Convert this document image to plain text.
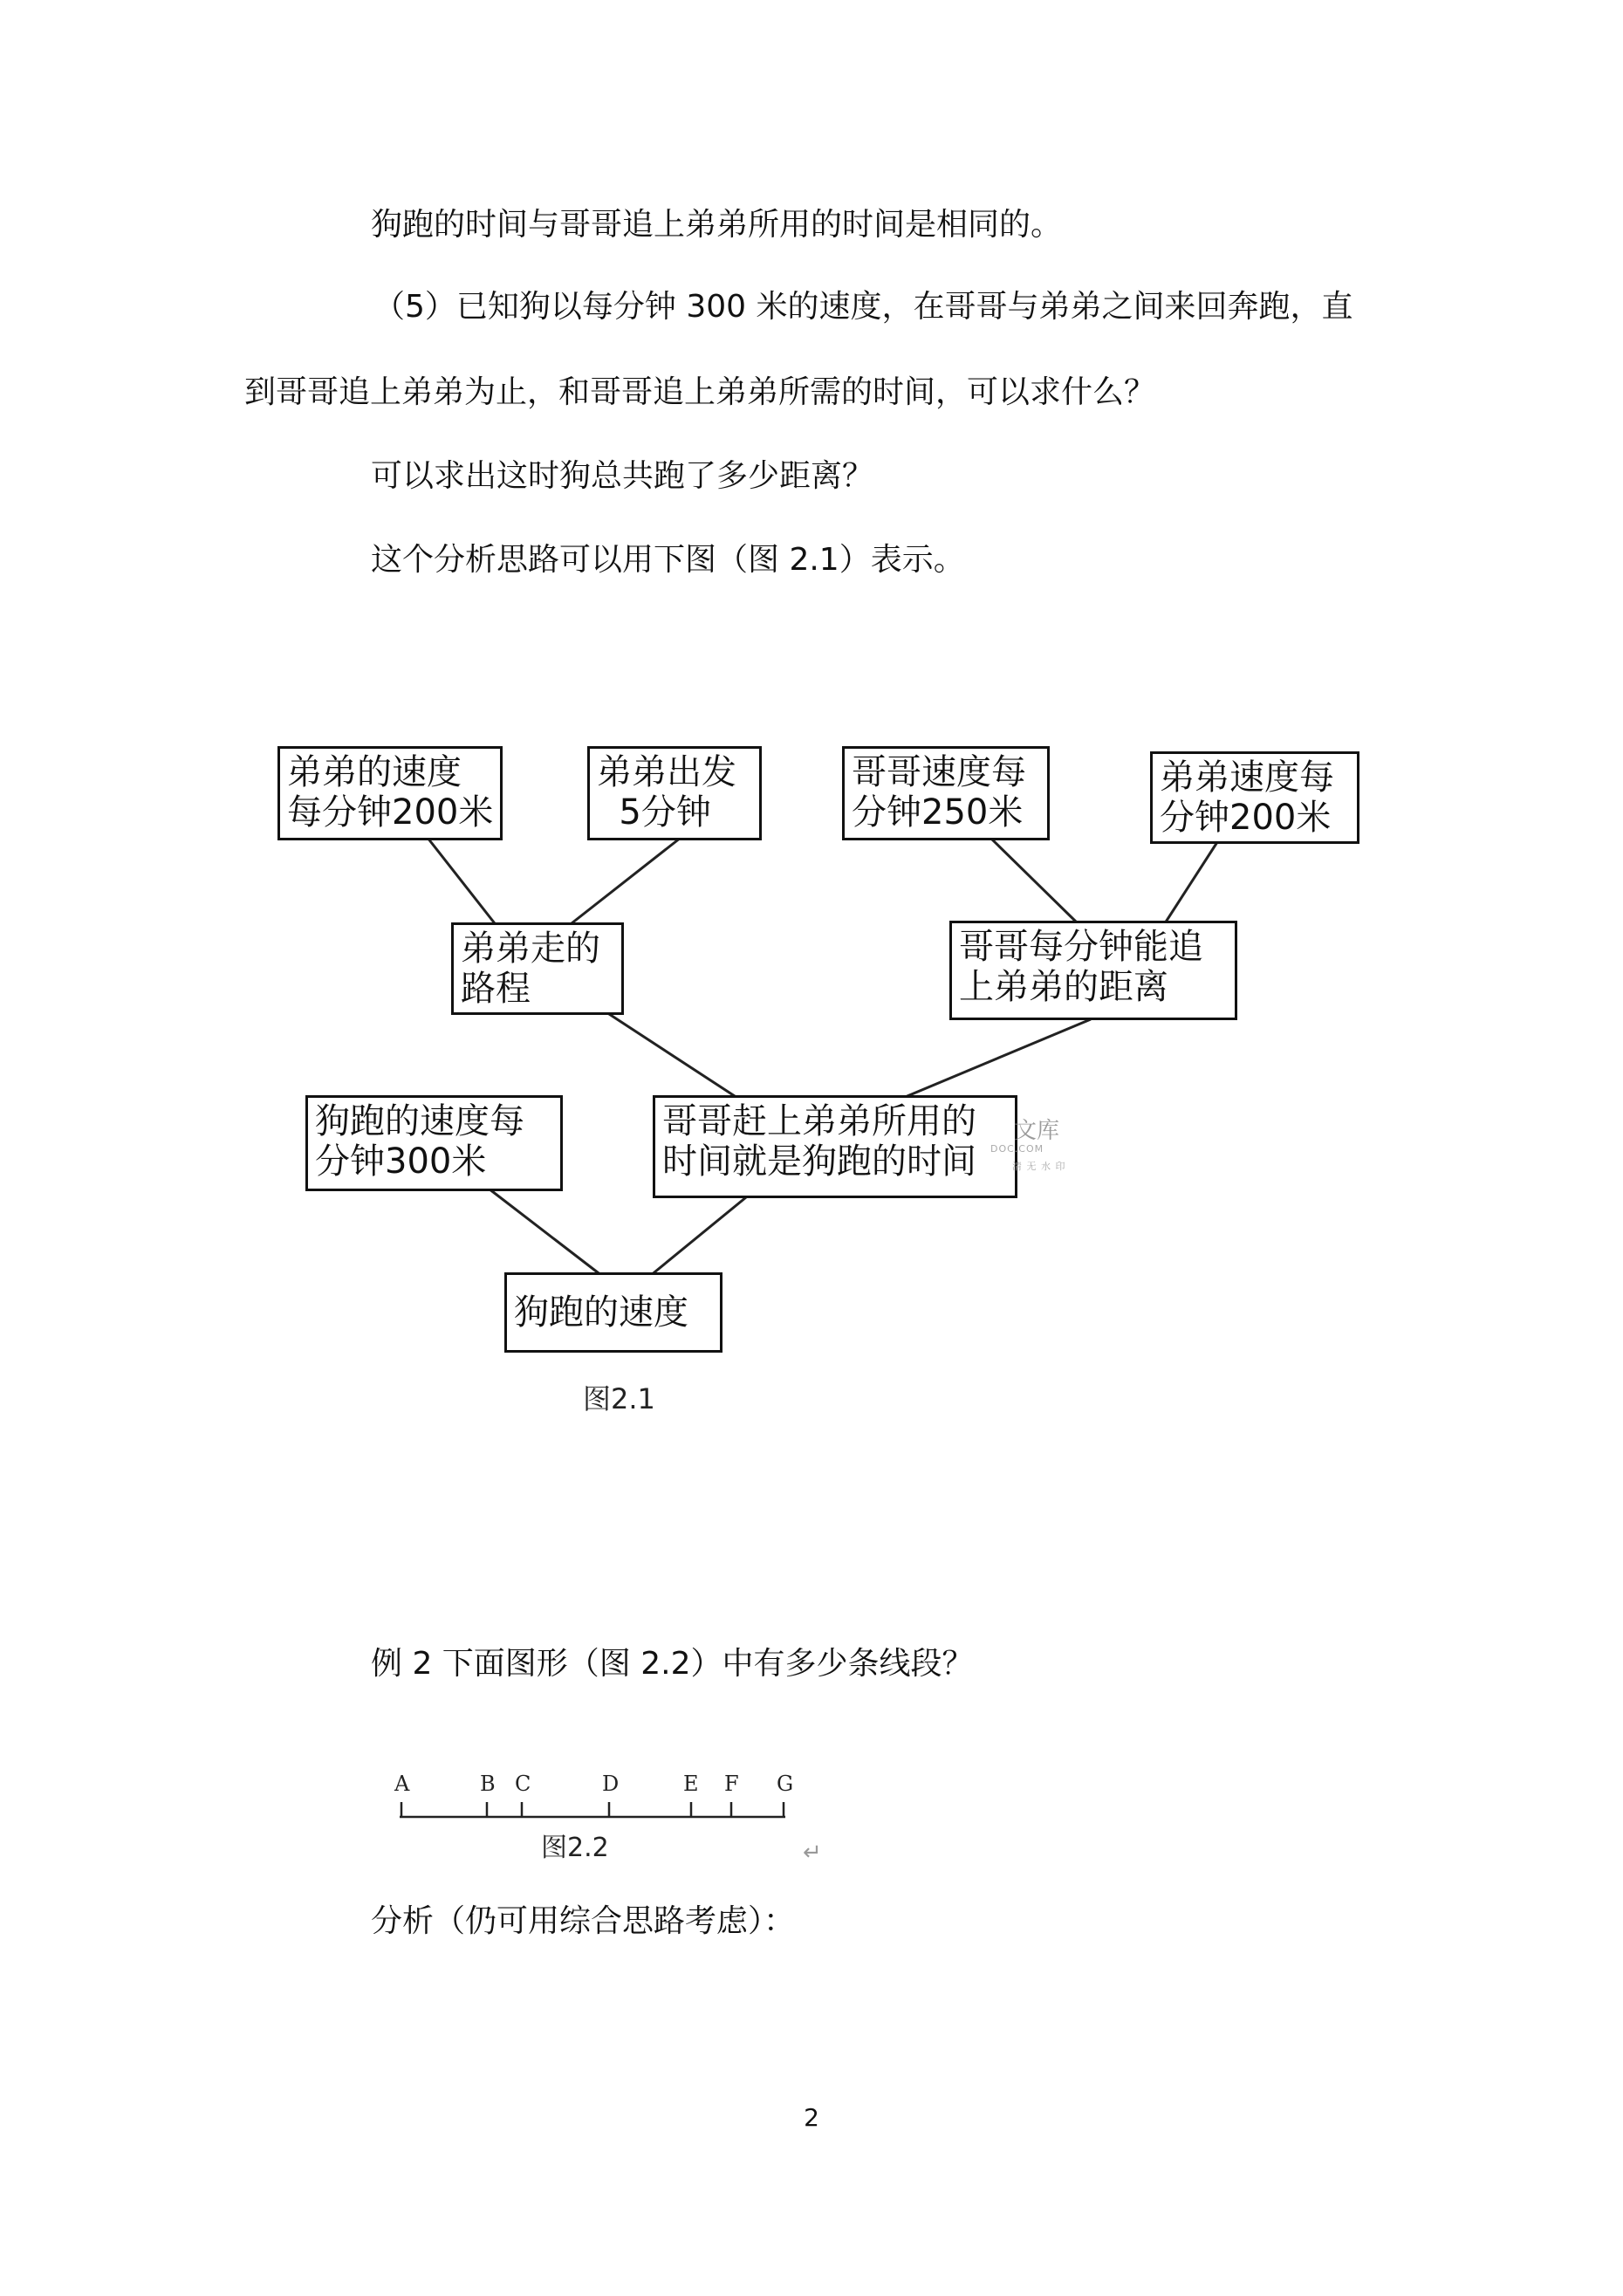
狗跑的时间与哥哥追上弟弟所用的时间是相同的。

（5）已知狗以每分钟 300 米的速度，在哥哥与弟弟之间来回奔跑，直

到哥哥追上弟弟为止，和哥哥追上弟弟所需的时间，可以求什么？

可以求出这时狗总共跑了多少距离？

这个分析思路可以用下图（图 2.1）表示。

弟弟的速度
每分钟200米
弟弟出发
5分钟
哥哥速度每
分钟250米
弟弟速度每
分钟200米
弟弟走的
路程
哥哥每分钟能追
上弟弟的距离
狗跑的速度每
分钟300米
哥哥赶上弟弟所用的
时间就是狗跑的时间
狗跑的速度
图2.1
文库
DOC.COM
清 无 水 印

例 2 下面图形（图 2.2）中有多少条线段？

A	B C	D	E F G
图2.2	↵

分析（仍可用综合思路考虑）：

2
